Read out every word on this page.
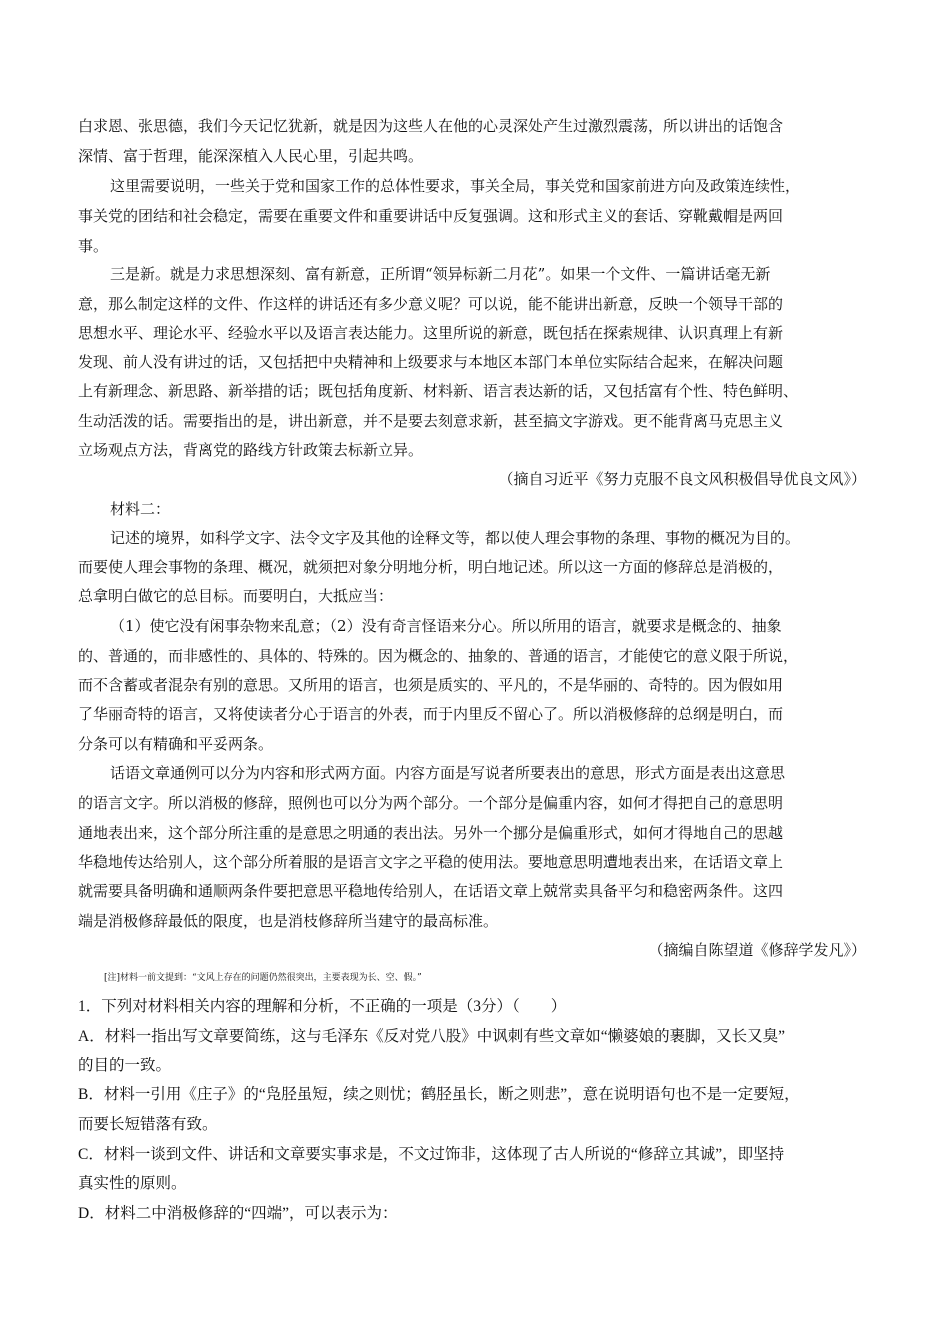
白求恩、张思德，我们今天记忆犹新，就是因为这些人在他的心灵深处产生过激烈震荡，所以讲出的话饱含
深情、富于哲理，能深深植入人民心里，引起共鸣。
这里需要说明，一些关于党和国家工作的总体性要求，事关全局，事关党和国家前进方向及政策连续性，
事关党的团结和社会稳定，需要在重要文件和重要讲话中反复强调。这和形式主义的套话、穿靴戴帽是两回
事。
三是新。就是力求思想深刻、富有新意，正所谓“领异标新二月花”。如果一个文件、一篇讲话毫无新
意，那么制定这样的文件、作这样的讲话还有多少意义呢？可以说，能不能讲出新意，反映一个领导干部的
思想水平、理论水平、经验水平以及语言表达能力。这里所说的新意，既包括在探索规律、认识真理上有新
发现、前人没有讲过的话，又包括把中央精神和上级要求与本地区本部门本单位实际结合起来，在解决问题
上有新理念、新思路、新举措的话；既包括角度新、材料新、语言表达新的话，又包括富有个性、特色鲜明、
生动活泼的话。需要指出的是，讲出新意，并不是要去刻意求新，甚至搞文字游戏。更不能背离马克思主义
立场观点方法，背离党的路线方针政策去标新立异。
（摘自习近平《努力克服不良文风积极倡导优良文风》）
材料二：
记述的境界，如科学文字、法令文字及其他的诠释文等，都以使人理会事物的条理、事物的概况为目的。
而要使人理会事物的条理、概况，就须把对象分明地分析，明白地记述。所以这一方面的修辞总是消极的，
总拿明白做它的总目标。而要明白，大抵应当：
（1）使它没有闲事杂物来乱意；（2）没有奇言怪语来分心。所以所用的语言，就要求是概念的、抽象
的、普通的，而非感性的、具体的、特殊的。因为概念的、抽象的、普通的语言，才能使它的意义限于所说，
而不含蓄或者混杂有别的意思。又所用的语言，也须是质实的、平凡的，不是华丽的、奇特的。因为假如用
了华丽奇特的语言，又将使读者分心于语言的外表，而于内里反不留心了。所以消极修辞的总纲是明白，而
分条可以有精确和平妥两条。
话语文章通例可以分为内容和形式两方面。内容方面是写说者所要表出的意思，形式方面是表出这意思
的语言文字。所以消极的修辞，照例也可以分为两个部分。一个部分是偏重内容，如何才得把自己的意思明
通地表出来，这个部分所注重的是意思之明通的表出法。另外一个挪分是偏重形式，如何才得地自己的思越
华稳地传达给别人，这个部分所着服的是语言文字之平稳的使用法。要地意思明遭地表出来，在话语文章上
就需要具备明确和通顺两条件要把意思平稳地传给别人，在话语文章上兢常卖具备平匀和稳密两条件。这四
端是消极修辞最低的限度，也是消枝修辞所当建守的最高标准。
（摘编自陈望道《修辞学发凡》）
[注]材料一前文提到：“文风上存在的问题仍然很突出，主要表现为长、空、假。”
1．下列对材料相关内容的理解和分析，不正确的一项是（3分）（　　）
A．材料一指出写文章要简练，这与毛泽东《反对党八股》中讽刺有些文章如“懒婆娘的裹脚，又长又臭”
的目的一致。
B．材料一引用《庄子》的“凫胫虽短，续之则忧；鹤胫虽长，断之则悲”，意在说明语句也不是一定要短，
而要长短错落有致。
C．材料一谈到文件、讲话和文章要实事求是，不文过饰非，这体现了古人所说的“修辞立其诚”，即坚持
真实性的原则。
D．材料二中消极修辞的“四端”，可以表示为：
